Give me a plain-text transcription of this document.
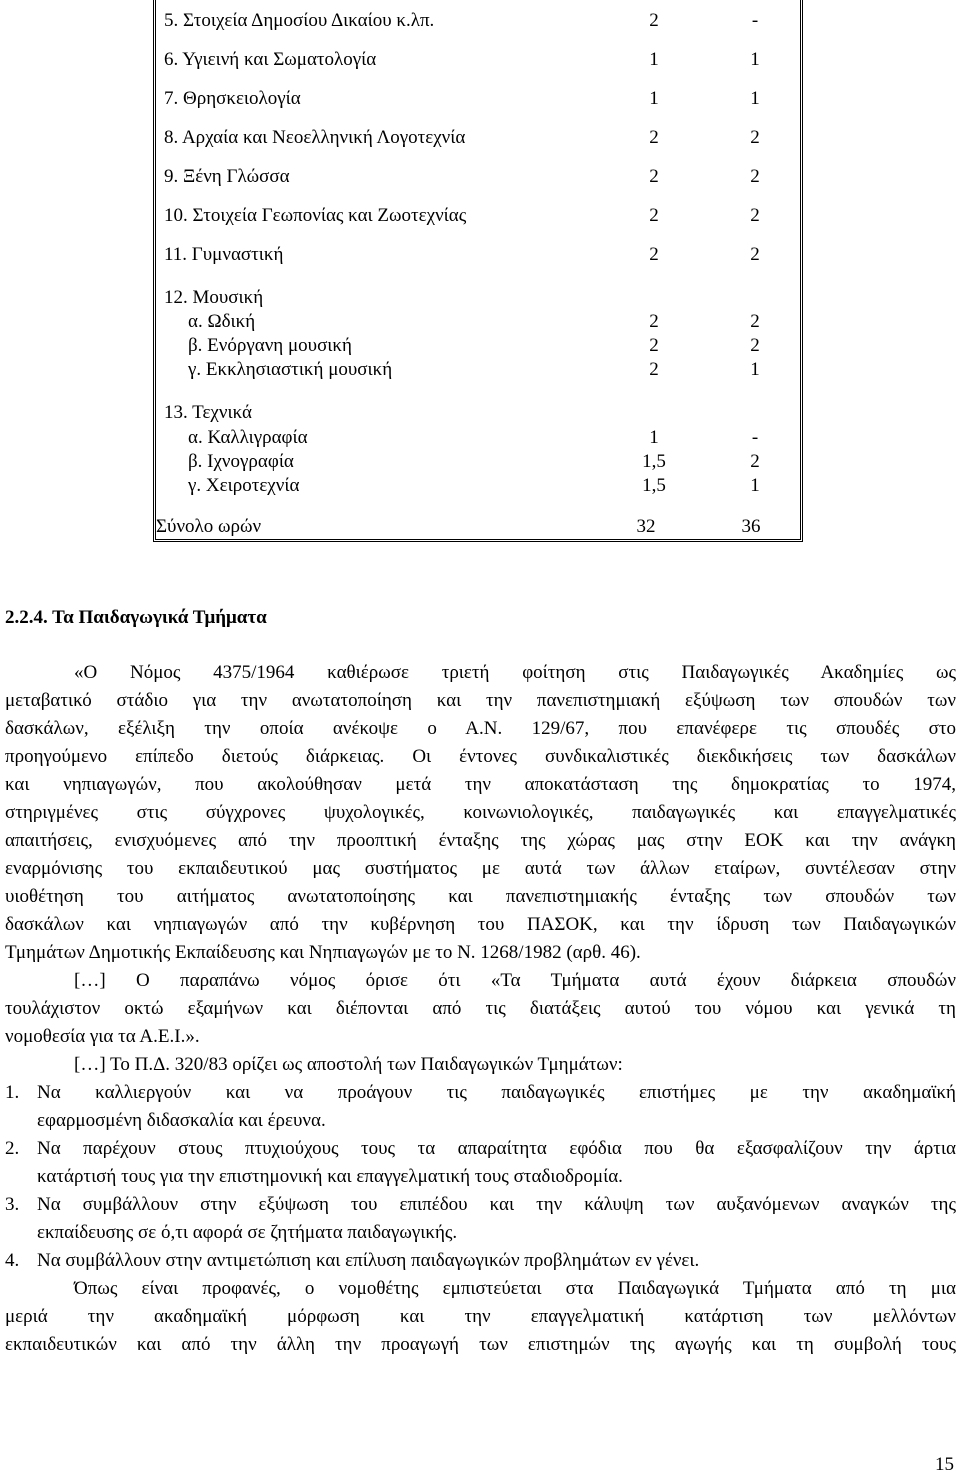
5. Στοιχεία Δημοσίου Δικαίου κ.λπ.	2	-
6. Υγιεινή και Σωματολογία	1	1
7. Θρησκειολογία	1	1
8. Αρχαία και Νεοελληνική Λογοτεχνία	2	2
9. Ξένη Γλώσσα	2	2
10. Στοιχεία Γεωπονίας και Ζωοτεχνίας	2	2
11. Γυμναστική	2	2
12. Μουσική
α. Ωδική	2	2
β. Ενόργανη μουσική	2	2
γ. Εκκλησιαστική μουσική	2	1
13. Τεχνικά
α. Καλλιγραφία	1	-
β. Ιχνογραφία	1,5	2
γ. Χειροτεχνία	1,5	1
Σύνολο ωρών	32	36
2.2.4. Τα Παιδαγωγικά Τμήματα
«Ο Νόμος 4375/1964 καθιέρωσε τριετή φοίτηση στις Παιδαγωγικές Ακαδημίες ως
μεταβατικό στάδιο για την ανωτατοποίηση και την πανεπιστημιακή εξύψωση των σπουδών των
δασκάλων, εξέλιξη την οποία ανέκοψε ο Α.Ν. 129/67, που επανέφερε τις σπουδές στο
προηγούμενο επίπεδο διετούς διάρκειας. Οι έντονες συνδικαλιστικές διεκδικήσεις των δασκάλων
και νηπιαγωγών, που ακολούθησαν μετά την αποκατάσταση της δημοκρατίας το 1974,
στηριγμένες στις σύγχρονες ψυχολογικές, κοινωνιολογικές, παιδαγωγικές και επαγγελματικές
απαιτήσεις, ενισχυόμενες από την προοπτική ένταξης της χώρας μας στην ΕΟΚ και την ανάγκη
εναρμόνισης του εκπαιδευτικού μας συστήματος με αυτά των άλλων εταίρων, συντέλεσαν στην
υιοθέτηση του αιτήματος ανωτατοποίησης και πανεπιστημιακής ένταξης των σπουδών των
δασκάλων και νηπιαγωγών από την κυβέρνηση του ΠΑΣΟΚ, και την ίδρυση των Παιδαγωγικών
Τμημάτων Δημοτικής Εκπαίδευσης και Νηπιαγωγών με το Ν. 1268/1982 (αρθ. 46).
[…] Ο παραπάνω νόμος όρισε ότι «Τα Τμήματα αυτά έχουν διάρκεια σπουδών
τουλάχιστον οκτώ εξαμήνων και διέπονται από τις διατάξεις αυτού του νόμου και γενικά τη
νομοθεσία για τα Α.Ε.Ι.».
[…] Το Π.Δ. 320/83 ορίζει ως αποστολή των Παιδαγωγικών Τμημάτων:
1. Να καλλιεργούν και να προάγουν τις παιδαγωγικές επιστήμες με την ακαδημαϊκή
εφαρμοσμένη διδασκαλία και έρευνα.
2. Να παρέχουν στους πτυχιούχους τους τα απαραίτητα εφόδια που θα εξασφαλίζουν την άρτια
κατάρτισή τους για την επιστημονική και επαγγελματική τους σταδιοδρομία.
3. Να συμβάλλουν στην εξύψωση του επιπέδου και την κάλυψη των αυξανόμενων αναγκών της
εκπαίδευσης σε ό,τι αφορά σε ζητήματα παιδαγωγικής.
4. Να συμβάλλουν στην αντιμετώπιση και επίλυση παιδαγωγικών προβλημάτων εν γένει.
Όπως είναι προφανές, ο νομοθέτης εμπιστεύεται στα Παιδαγωγικά Τμήματα από τη μια
μεριά την ακαδημαϊκή μόρφωση και την επαγγελματική κατάρτιση των μελλόντων
εκπαιδευτικών και από την άλλη την προαγωγή των επιστημών της αγωγής και τη συμβολή τους
15
